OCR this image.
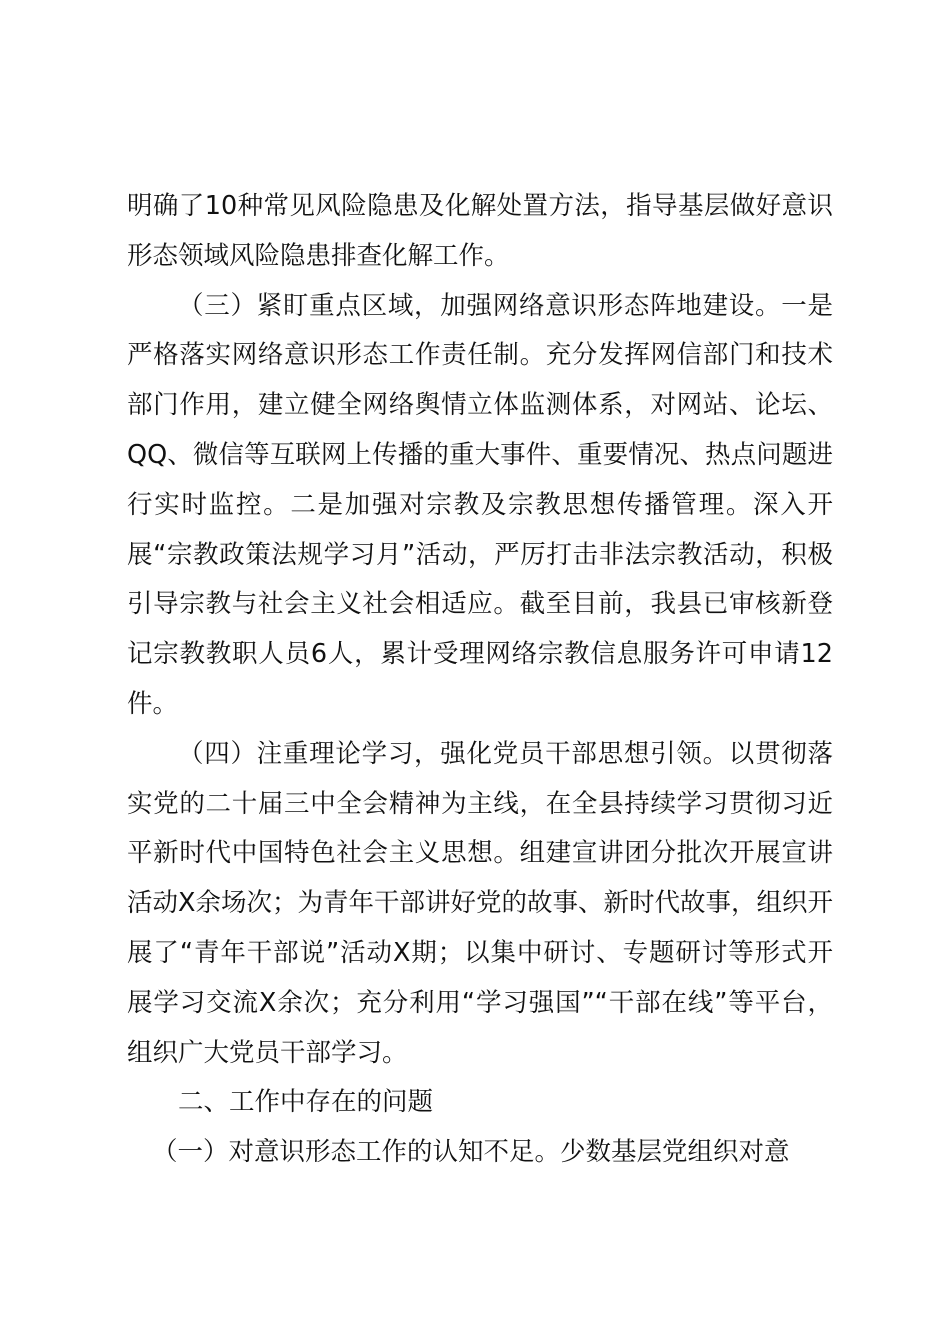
明确了10种常见风险隐患及化解处置方法，指导基层做好意识形态领域风险隐患排查化解工作。

（三）紧盯重点区域，加强网络意识形态阵地建设。一是严格落实网络意识形态工作责任制。充分发挥网信部门和技术部门作用，建立健全网络舆情立体监测体系，对网站、论坛、QQ、微信等互联网上传播的重大事件、重要情况、热点问题进行实时监控。二是加强对宗教及宗教思想传播管理。深入开展“宗教政策法规学习月”活动，严厉打击非法宗教活动，积极引导宗教与社会主义社会相适应。截至目前，我县已审核新登记宗教教职人员6人，累计受理网络宗教信息服务许可申请12件。

（四）注重理论学习，强化党员干部思想引领。以贯彻落实党的二十届三中全会精神为主线，在全县持续学习贯彻习近平新时代中国特色社会主义思想。组建宣讲团分批次开展宣讲活动X余场次；为青年干部讲好党的故事、新时代故事，组织开展了“青年干部说”活动X期；以集中研讨、专题研讨等形式开展学习交流X余次；充分利用“学习强国”“干部在线”等平台，组织广大党员干部学习。

二、工作中存在的问题

（一）对意识形态工作的认知不足。少数基层党组织对意
